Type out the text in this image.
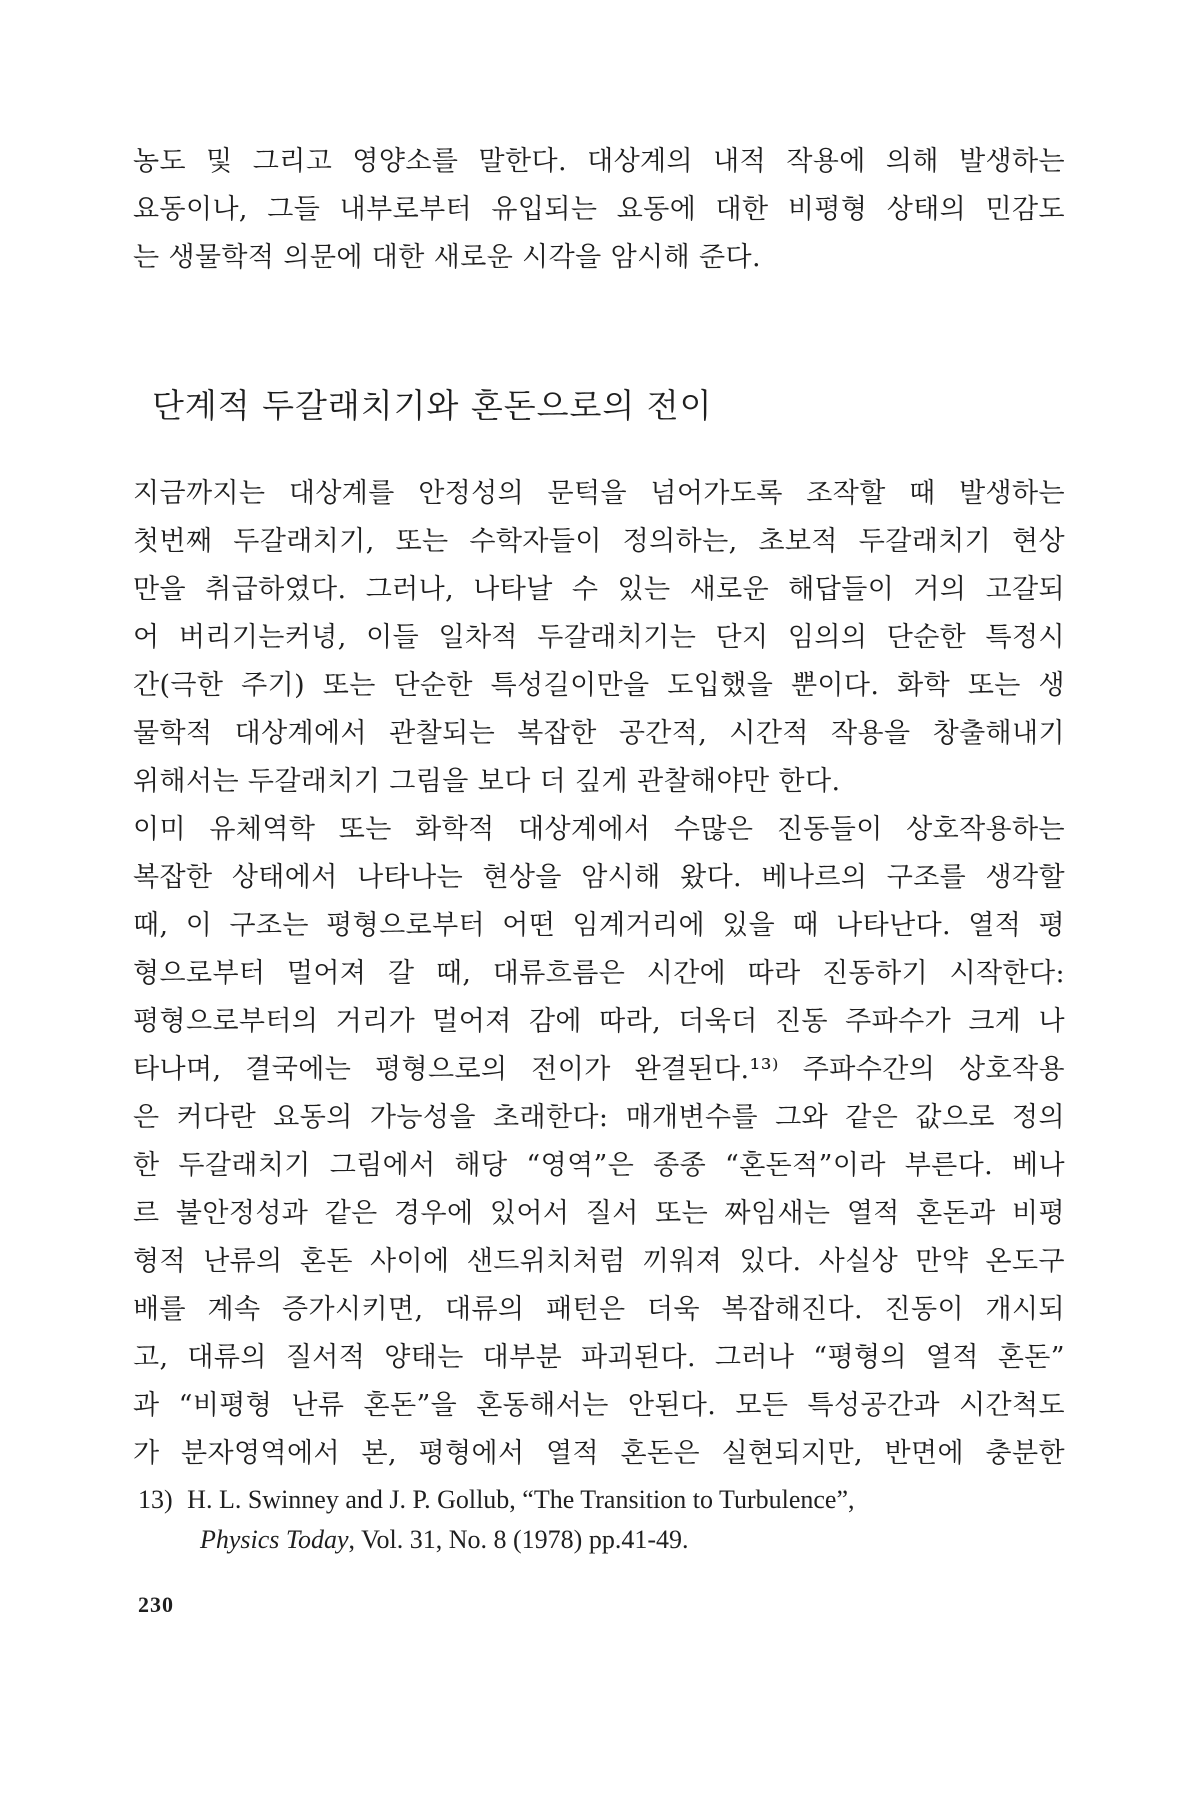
농도 및 그리고 영양소를 말한다. 대상계의 내적 작용에 의해 발생하는
요동이나, 그들 내부로부터 유입되는 요동에 대한 비평형 상태의 민감도
는 생물학적 의문에 대한 새로운 시각을 암시해 준다.
단계적 두갈래치기와 혼돈으로의 전이
지금까지는 대상계를 안정성의 문턱을 넘어가도록 조작할 때 발생하는
첫번째 두갈래치기, 또는 수학자들이 정의하는, 초보적 두갈래치기 현상
만을 취급하였다. 그러나, 나타날 수 있는 새로운 해답들이 거의 고갈되
어 버리기는커녕, 이들 일차적 두갈래치기는 단지 임의의 단순한 특정시
간(극한 주기) 또는 단순한 특성길이만을 도입했을 뿐이다. 화학 또는 생
물학적 대상계에서 관찰되는 복잡한 공간적, 시간적 작용을 창출해내기
위해서는 두갈래치기 그림을 보다 더 깊게 관찰해야만 한다.
이미 유체역학 또는 화학적 대상계에서 수많은 진동들이 상호작용하는
복잡한 상태에서 나타나는 현상을 암시해 왔다. 베나르의 구조를 생각할
때, 이 구조는 평형으로부터 어떤 임계거리에 있을 때 나타난다. 열적 평
형으로부터 멀어져 갈 때, 대류흐름은 시간에 따라 진동하기 시작한다:
평형으로부터의 거리가 멀어져 감에 따라, 더욱더 진동 주파수가 크게 나
타나며, 결국에는 평형으로의 전이가 완결된다.¹³⁾ 주파수간의 상호작용
은 커다란 요동의 가능성을 초래한다: 매개변수를 그와 같은 값으로 정의
한 두갈래치기 그림에서 해당 “영역”은 종종 “혼돈적”이라 부른다. 베나
르 불안정성과 같은 경우에 있어서 질서 또는 짜임새는 열적 혼돈과 비평
형적 난류의 혼돈 사이에 샌드위치처럼 끼워져 있다. 사실상 만약 온도구
배를 계속 증가시키면, 대류의 패턴은 더욱 복잡해진다. 진동이 개시되
고, 대류의 질서적 양태는 대부분 파괴된다. 그러나 “평형의 열적 혼돈”
과 “비평형 난류 혼돈”을 혼동해서는 안된다. 모든 특성공간과 시간척도
가 분자영역에서 본, 평형에서 열적 혼돈은 실현되지만, 반면에 충분한
13) H. L. Swinney and J. P. Gollub, “The Transition to Turbulence”,
Physics Today, Vol. 31, No. 8 (1978) pp.41-49.
230
